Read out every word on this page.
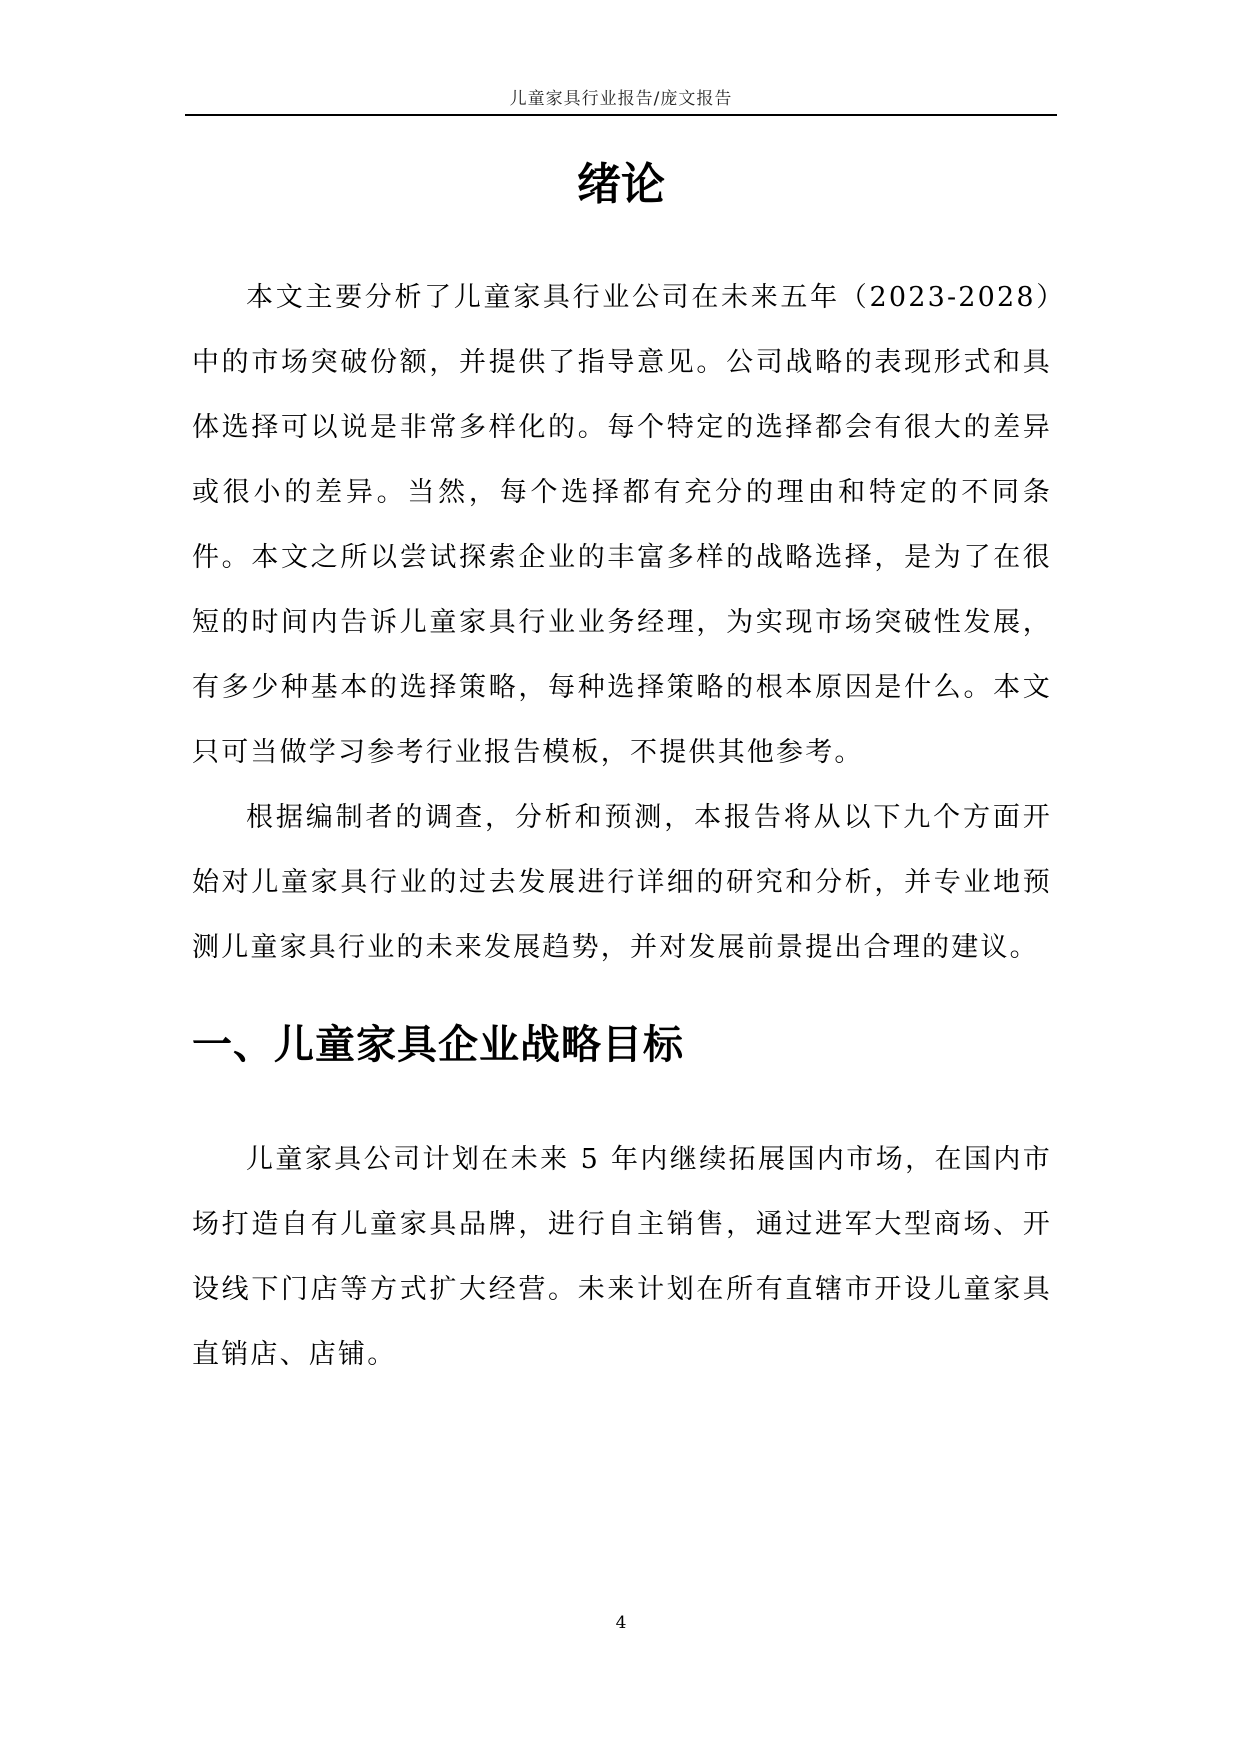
儿童家具行业报告/庞文报告
绪论

本文主要分析了儿童家具行业公司在未来五年（2023-2028）中的市场突破份额，并提供了指导意见。公司战略的表现形式和具体选择可以说是非常多样化的。每个特定的选择都会有很大的差异或很小的差异。当然，每个选择都有充分的理由和特定的不同条件。本文之所以尝试探索企业的丰富多样的战略选择，是为了在很短的时间内告诉儿童家具行业业务经理，为实现市场突破性发展，有多少种基本的选择策略，每种选择策略的根本原因是什么。本文只可当做学习参考行业报告模板，不提供其他参考。

根据编制者的调查，分析和预测，本报告将从以下九个方面开始对儿童家具行业的过去发展进行详细的研究和分析，并专业地预测儿童家具行业的未来发展趋势，并对发展前景提出合理的建议。

一、儿童家具企业战略目标

儿童家具公司计划在未来 5 年内继续拓展国内市场，在国内市场打造自有儿童家具品牌，进行自主销售，通过进军大型商场、开设线下门店等方式扩大经营。未来计划在所有直辖市开设儿童家具直销店、店铺。

4
